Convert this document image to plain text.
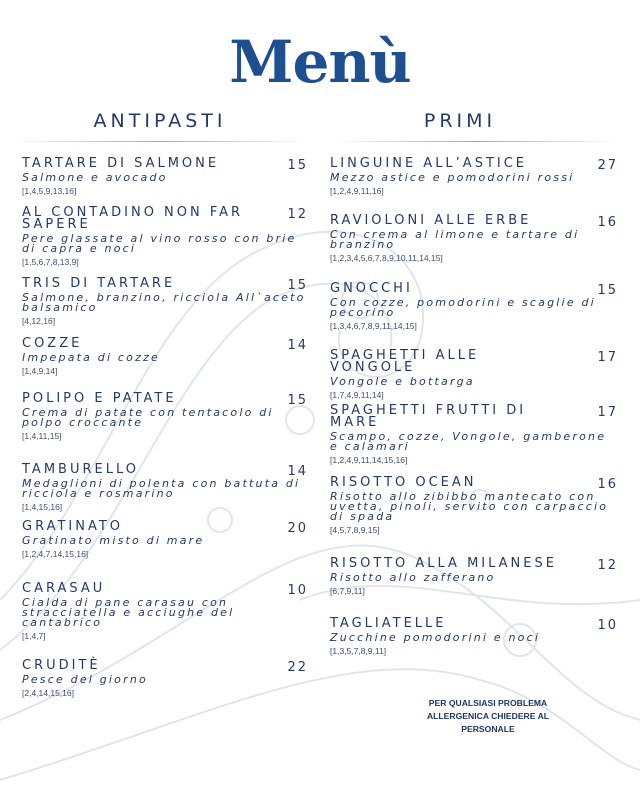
Menù
ANTIPASTI	PRIMI
TARTARE DI SALMONE	15
Salmone e avocado
[1,4,5,9,13,16]
AL CONTADINO NON FAR SAPERE
12
Pere glassate al vino rosso con brie di capra e noci
[1,5,6,7,8,13,9]
TRIS DI TARTARE	15
Salmone, branzino, ricciola All`aceto balsamico
[4,12,16]
COZZE	14
Impepata di cozze
[1,4,9,14]
POLIPO E PATATE	15
Crema di patate con tentacolo di polpo croccante
[1,4,11,15]
TAMBURELLO	14
Medaglioni di polenta con battuta di ricciola e rosmarino
[1,4,15,16]
GRATINATO	20
Gratinato misto di mare
[1,2,4,7,14,15,16]
CARASAU	10
Cialda di pane carasau con stracciatella e acciughe del cantabrico
[1,4,7]
CRUDITÈ	22
Pesce del giorno
[2,4,14,15,16]
LINGUINE ALL’ASTICE	27
Mezzo astice e pomodorini rossi
[1,2,4,9,11,16]
RAVIOLONI ALLE ERBE	16
Con crema al limone e tartare di branzino
[1,2,3,4,5,6,7,8,9,10,11,14,15]
GNOCCHI	15
Con cozze, pomodorini e scaglie di pecorino
[1,3,4,6,7,8,9,11,14,15]
SPAGHETTI ALLE VONGOLE
17
Vongole e bottarga
[1,7,4,9,11,14]
SPAGHETTI FRUTTI DI MARE
17
Scampo, cozze, Vongole, gamberone e calamari
[1,2,4,9,11,14,15,16]
RISOTTO OCEAN	16
Risotto allo zibibbo mantecato con uvetta, pinoli, servito con carpaccio di spada
[4,5,7,8,9,15]
RISOTTO ALLA MILANESE	12
Risotto allo zafferano
[6,7,9,11]
TAGLIATELLE	10
Zucchine pomodorini e noci
[1,3,5,7,8,9,11]
PER QUALSIASI PROBLEMA ALLERGENICA CHIEDERE AL PERSONALE
